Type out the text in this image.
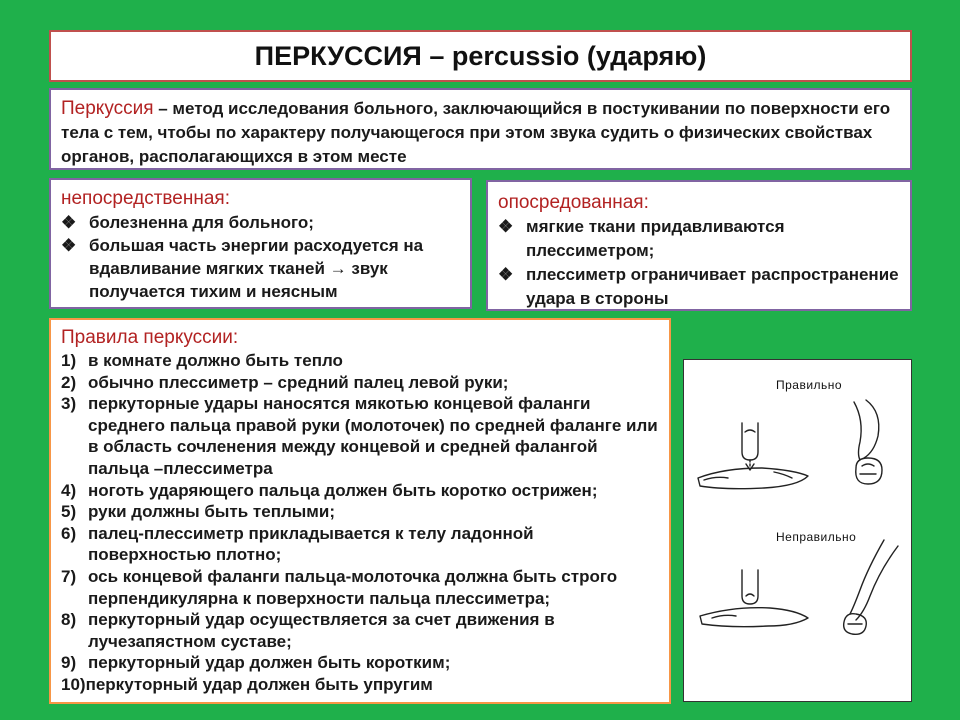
ПЕРКУССИЯ – percussio (ударяю)
Перкуссия – метод исследования больного, заключающийся в постукивании по поверхности его тела с тем, чтобы по характеру получающегося при этом звука судить о физических свойствах органов, располагающихся в этом месте
непосредственная:
❖ болезненна для больного;
❖ большая часть энергии расходуется на вдавливание мягких тканей → звук получается тихим и неясным
опосредованная:
❖ мягкие ткани придавливаются плессиметром;
❖ плессиметр ограничивает распространение удара в стороны
Правила перкуссии:
1) в комнате должно быть тепло
2) обычно плессиметр – средний палец левой руки;
3) перкуторные удары наносятся мякотью концевой фаланги среднего пальца правой руки (молоточек) по средней фаланге или в область сочленения между концевой и средней фалангой пальца –плессиметра
4) ноготь ударяющего пальца должен быть коротко острижен;
5) руки должны быть теплыми;
6) палец-плессиметр прикладывается к телу ладонной поверхностью плотно;
7) ось концевой фаланги пальца-молоточка должна быть строго перпендикулярна к поверхности пальца плессиметра;
8) перкуторный удар осуществляется за счет движения в лучезапястном суставе;
9) перкуторный удар должен быть коротким;
10)перкуторный удар должен быть упругим
Правильно
Неправильно
